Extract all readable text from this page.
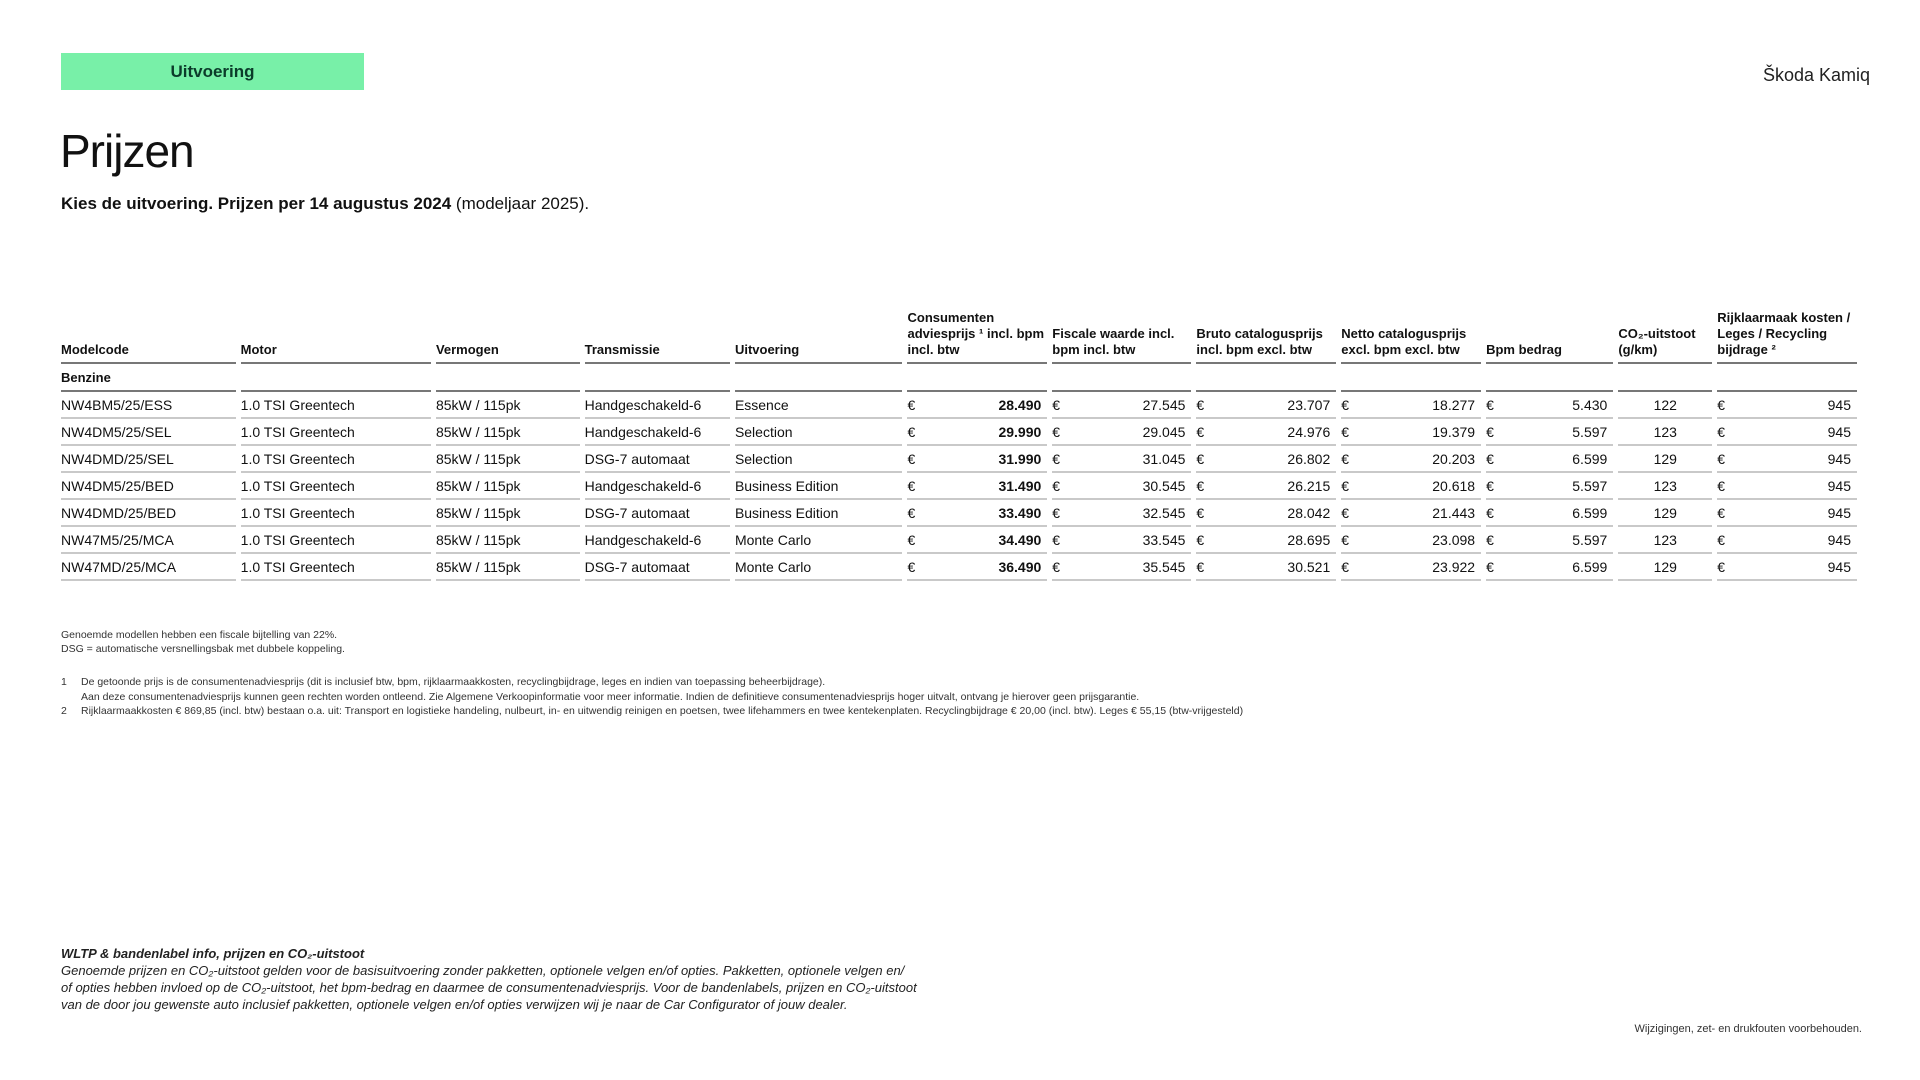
Uitvoering	Škoda Kamiq
Prijzen
Kies de uitvoering. Prijzen per 14 augustus 2024 (modeljaar 2025).
Modelcode	Motor	Vermogen	Transmissie	Uitvoering	Consumenten adviesprijs ¹ incl. bpm incl. btw	Fiscale waarde incl. bpm incl. btw	Bruto catalogusprijs incl. bpm excl. btw	Netto catalogusprijs excl. bpm excl. btw	Bpm bedrag	CO₂-uitstoot (g/km)	Rijklaarmaak kosten / Leges / Recycling bijdrage ²
Benzine											
NW4BM5/25/ESS	1.0 TSI Greentech	85kW / 115pk	Handgeschakeld-6	Essence	€ 28.490	€ 27.545	€ 23.707	€ 18.277	€ 5.430	122	€ 945

NW4DM5/25/SEL	1.0 TSI Greentech	85kW / 115pk	Handgeschakeld-6	Selection	€ 29.990	€ 29.045	€ 24.976	€ 19.379	€ 5.597	123	€ 945

NW4DMD/25/SEL	1.0 TSI Greentech	85kW / 115pk	DSG-7 automaat	Selection	€ 31.990	€ 31.045	€ 26.802	€ 20.203	€ 6.599	129	€ 945

NW4DM5/25/BED	1.0 TSI Greentech	85kW / 115pk	Handgeschakeld-6	Business Edition	€ 31.490	€ 30.545	€ 26.215	€ 20.618	€ 5.597	123	€ 945

NW4DMD/25/BED	1.0 TSI Greentech	85kW / 115pk	DSG-7 automaat	Business Edition	€ 33.490	€ 32.545	€ 28.042	€ 21.443	€ 6.599	129	€ 945

NW47M5/25/MCA	1.0 TSI Greentech	85kW / 115pk	Handgeschakeld-6	Monte Carlo	€ 34.490	€ 33.545	€ 28.695	€ 23.098	€ 5.597	123	€ 945

NW47MD/25/MCA	1.0 TSI Greentech	85kW / 115pk	DSG-7 automaat	Monte Carlo	€ 36.490	€ 35.545	€ 30.521	€ 23.922	€ 6.599	129	€ 945
Genoemde modellen hebben een fiscale bijtelling van 22%.
DSG = automatische versnellingsbak met dubbele koppeling.
1	De getoonde prijs is de consumentenadviesprijs (dit is inclusief btw, bpm, rijklaarmaakkosten, recyclingbijdrage, leges en indien van toepassing beheerbijdrage).
Aan deze consumentenadviesprijs kunnen geen rechten worden ontleend. Zie Algemene Verkoopinformatie voor meer informatie. Indien de definitieve consumentenadviesprijs hoger uitvalt, ontvang je hierover geen prijsgarantie.
2	Rijklaarmaakkosten € 869,85 (incl. btw) bestaan o.a. uit: Transport en logistieke handeling, nulbeurt, in- en uitwendig reinigen en poetsen, twee lifehammers en twee kentekenplaten. Recyclingbijdrage € 20,00 (incl. btw). Leges € 55,15 (btw-vrijgesteld)
WLTP & bandenlabel info, prijzen en CO₂-uitstoot
Genoemde prijzen en CO₂-uitstoot gelden voor de basisuitvoering zonder pakketten, optionele velgen en/of opties. Pakketten, optionele velgen en/
of opties hebben invloed op de CO₂-uitstoot, het bpm-bedrag en daarmee de consumentenadviesprijs. Voor de bandenlabels, prijzen en CO₂-uitstoot
van de door jou gewenste auto inclusief pakketten, optionele velgen en/of opties verwijzen wij je naar de Car Configurator of jouw dealer.
Wijzigingen, zet- en drukfouten voorbehouden.
